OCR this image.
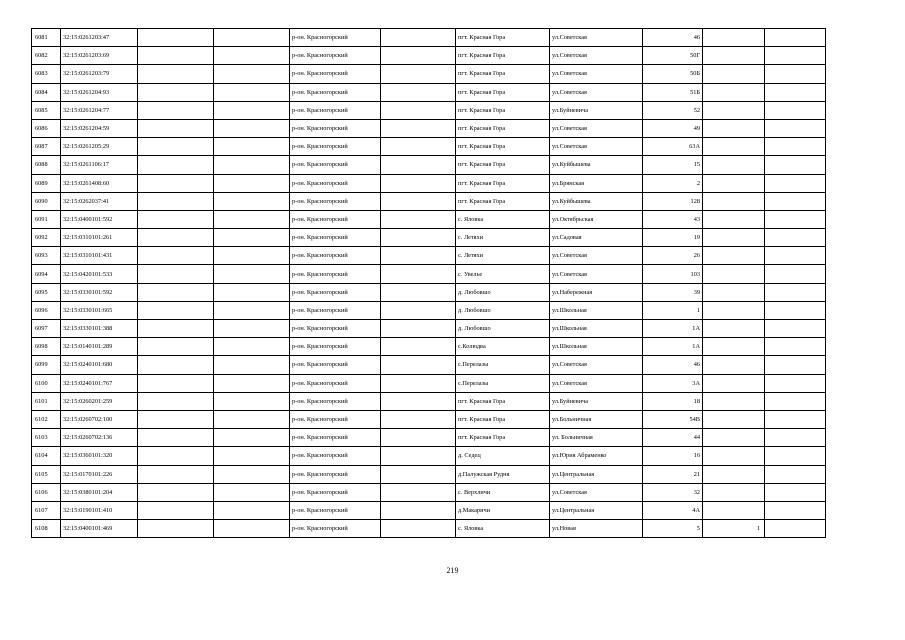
6081	32:15:0261203:47			р-он. Красногорский		пгт. Красная Гора	ул.Советская	46		
6082	32:15:0261203:69			р-он. Красногорский		пгт. Красная Гора	ул.Советская	50Г		
6083	32:15:0261203:79			р-он. Красногорский		пгт. Красная Гора	ул.Советская	50Б		
6084	32:15:0261204:93			р-он. Красногорский		пгт. Красная Гора	ул.Советская	51Б		
6085	32:15:0261204:77			р-он. Красногорский		пгт. Красная Гора	ул.Буйневича	52		
6086	32:15:0261204:59			р-он. Красногорский		пгт. Красная Гора	ул.Советская	49		
6087	32:15:0261205:29			р-он. Красногорский		пгт. Красная Гора	ул.Советская	63А		
6088	32:15:0261106:17			р-он. Красногорский		пгт. Красная Гора	ул.Куйбышева	15		
6089	32:15:0261408:60			р-он. Красногорский		пгт. Красная Гора	ул.Брянская	2		
6090	32:15:0262037:41			р-он. Красногорский		пгт. Красная Гора	ул.Куйбышева	128		
6091	32:15:0400101:592			р-он. Красногорский		с. Яловка	ул.Октябрьская	43		
6092	32:15:0310101:261			р-он. Красногорский		с. Летяхи	ул.Садовая	19		
6093	32:15:0310101:431			р-он. Красногорский		с. Летяхи	ул.Советская	26		
6094	32:15:0420101:533			р-он. Красногорский		с. Увелье	ул.Советская	103		
6095	32:15:0330101:592			р-он. Красногорский		д. Любовшо	ул.Набережная	39		
6096	32:15:0330101:665			р-он. Красногорский		д. Любовшо	ул.Школьная	1		
6097	32:15:0330101:388			р-он. Красногорский		д. Любовшо	ул.Школьная	1А		
6098	32:15:0140101:289			р-он. Красногорский		с.Колюдва	ул.Школьная	1А		
6099	32:15:0240101:680			р-он. Красногорский		с.Перелазы	ул.Советская	46		
6100	32:15:0240101:767			р-он. Красногорский		с.Перелазы	ул.Советская	3А		
6101	32:15:0260201:259			р-он. Красногорский		пгт. Красная Гора	ул.Буйневича	18		
6102	32:15:0260702:100			р-он. Красногорский		пгт. Красная Гора	ул.Больничная	54В		
6103	32:15:0260702:136			р-он. Красногорский		пгт. Красная Гора	ул. Больничная	44		
6104	32:15:0360101:320			р-он. Красногорский		д. Седец	ул.Юрия Абраменко	16		
6105	32:15:0170101:226			р-он. Красногорский		д.Палужская Рудня	ул.Центральная	21		
6106	32:15:0380101:204			р-он. Красногорский		с. Верхличи	ул.Советская	32		
6107	32:15:0190101:410			р-он. Красногорский		д.Макаричи	ул.Центральная	4А		
6108	32:15:0400101:469			р-он. Красногорский		с. Яловка	ул.Новая	5	1	
219
